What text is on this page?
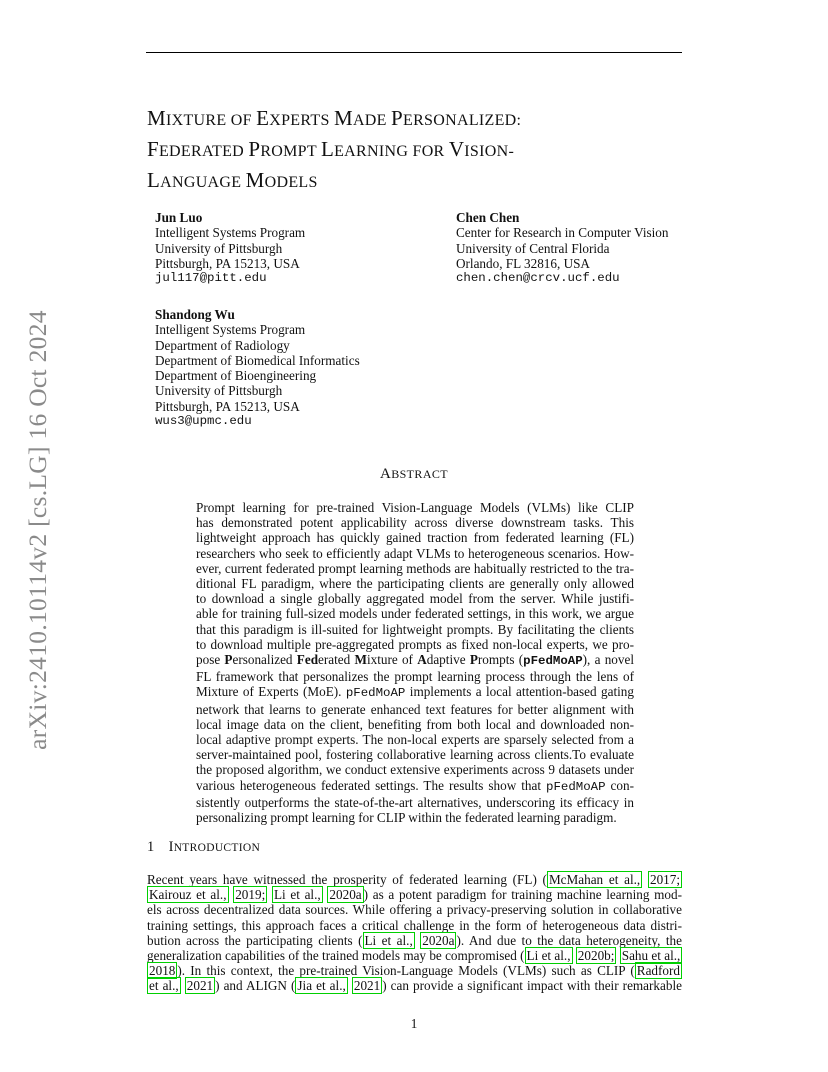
arXiv:2410.10114v2 [cs.LG] 16 Oct 2024
MIXTURE OF EXPERTS MADE PERSONALIZED:
FEDERATED PROMPT LEARNING FOR VISION-
LANGUAGE MODELS
Jun Luo
Intelligent Systems Program
University of Pittsburgh
Pittsburgh, PA 15213, USA
jul117@pitt.edu
Chen Chen
Center for Research in Computer Vision
University of Central Florida
Orlando, FL 32816, USA
chen.chen@crcv.ucf.edu
Shandong Wu
Intelligent Systems Program
Department of Radiology
Department of Biomedical Informatics
Department of Bioengineering
University of Pittsburgh
Pittsburgh, PA 15213, USA
wus3@upmc.edu
ABSTRACT
Prompt learning for pre-trained Vision-Language Models (VLMs) like CLIP
has demonstrated potent applicability across diverse downstream tasks. This
lightweight approach has quickly gained traction from federated learning (FL)
researchers who seek to efficiently adapt VLMs to heterogeneous scenarios. How-
ever, current federated prompt learning methods are habitually restricted to the tra-
ditional FL paradigm, where the participating clients are generally only allowed
to download a single globally aggregated model from the server. While justifi-
able for training full-sized models under federated settings, in this work, we argue
that this paradigm is ill-suited for lightweight prompts. By facilitating the clients
to download multiple pre-aggregated prompts as fixed non-local experts, we pro-
pose Personalized Federated Mixture of Adaptive Prompts (pFedMoAP), a novel
FL framework that personalizes the prompt learning process through the lens of
Mixture of Experts (MoE). pFedMoAP implements a local attention-based gating
network that learns to generate enhanced text features for better alignment with
local image data on the client, benefiting from both local and downloaded non-
local adaptive prompt experts. The non-local experts are sparsely selected from a
server-maintained pool, fostering collaborative learning across clients.To evaluate
the proposed algorithm, we conduct extensive experiments across 9 datasets under
various heterogeneous federated settings. The results show that pFedMoAP con-
sistently outperforms the state-of-the-art alternatives, underscoring its efficacy in
personalizing prompt learning for CLIP within the federated learning paradigm.
1 INTRODUCTION
Recent years have witnessed the prosperity of federated learning (FL) ( McMahan et al., 2017;
Kairouz et al., 2019; Li et al., 2020a ) as a potent paradigm for training machine learning mod-
els across decentralized data sources. While offering a privacy-preserving solution in collaborative
training settings, this approach faces a critical challenge in the form of heterogeneous data distri-
bution across the participating clients ( Li et al., 2020a ). And due to the data heterogeneity, the
generalization capabilities of the trained models may be compromised ( Li et al., 2020b; Sahu et al.,
2018 ). In this context, the pre-trained Vision-Language Models (VLMs) such as CLIP ( Radford
et al., 2021 ) and ALIGN ( Jia et al., 2021 ) can provide a significant impact with their remarkable
1
